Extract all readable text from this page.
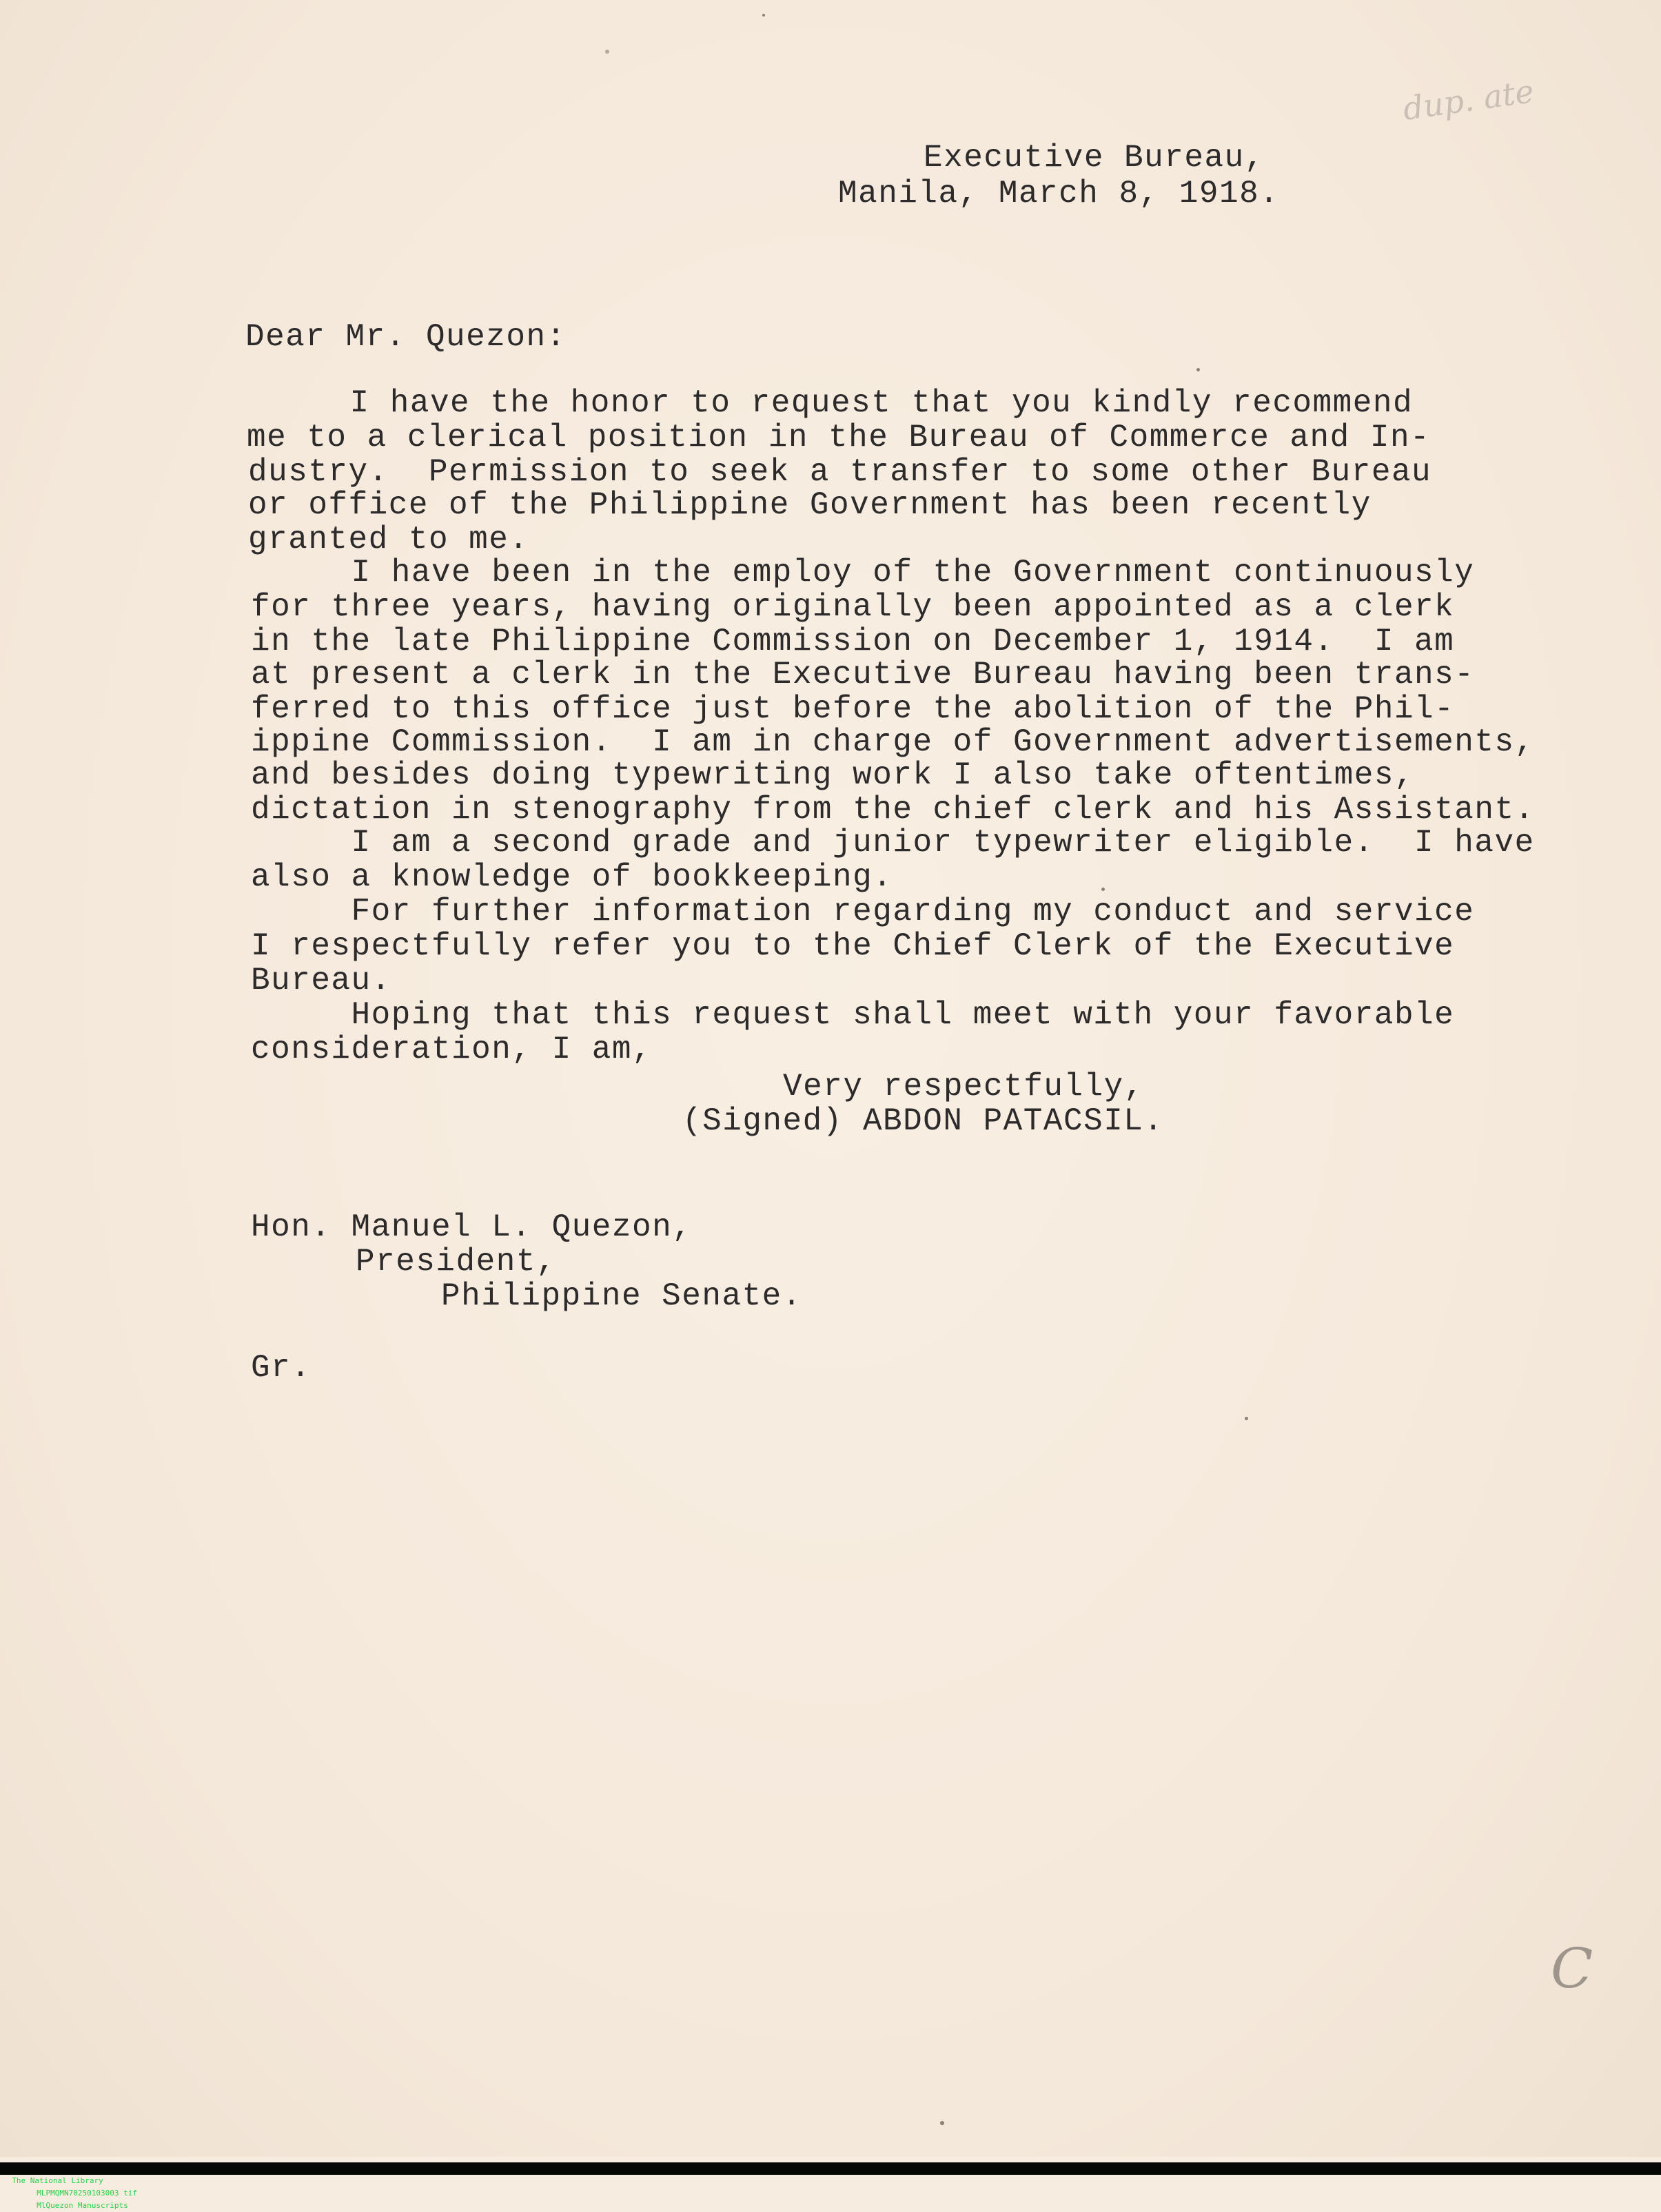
dup. ate
C
Executive Bureau,
Manila, March 8, 1918.
Dear Mr. Quezon:
I have the honor to request that you kindly recommend
me to a clerical position in the Bureau of Commerce and In-
dustry.  Permission to seek a transfer to some other Bureau
or office of the Philippine Government has been recently
granted to me.
I have been in the employ of the Government continuously
for three years, having originally been appointed as a clerk
in the late Philippine Commission on December 1, 1914.  I am
at present a clerk in the Executive Bureau having been trans-
ferred to this office just before the abolition of the Phil-
ippine Commission.  I am in charge of Government advertisements,
and besides doing typewriting work I also take oftentimes,
dictation in stenography from the chief clerk and his Assistant.
I am a second grade and junior typewriter eligible.  I have
also a knowledge of bookkeeping.
For further information regarding my conduct and service
I respectfully refer you to the Chief Clerk of the Executive
Bureau.
Hoping that this request shall meet with your favorable
consideration, I am,
Very respectfully,
(Signed) ABDON PATACSIL.
Hon. Manuel L. Quezon,
President,
Philippine Senate.
Gr.

The National Library
MLPMQMN70250103003 tif
MlQuezon Manuscripts
